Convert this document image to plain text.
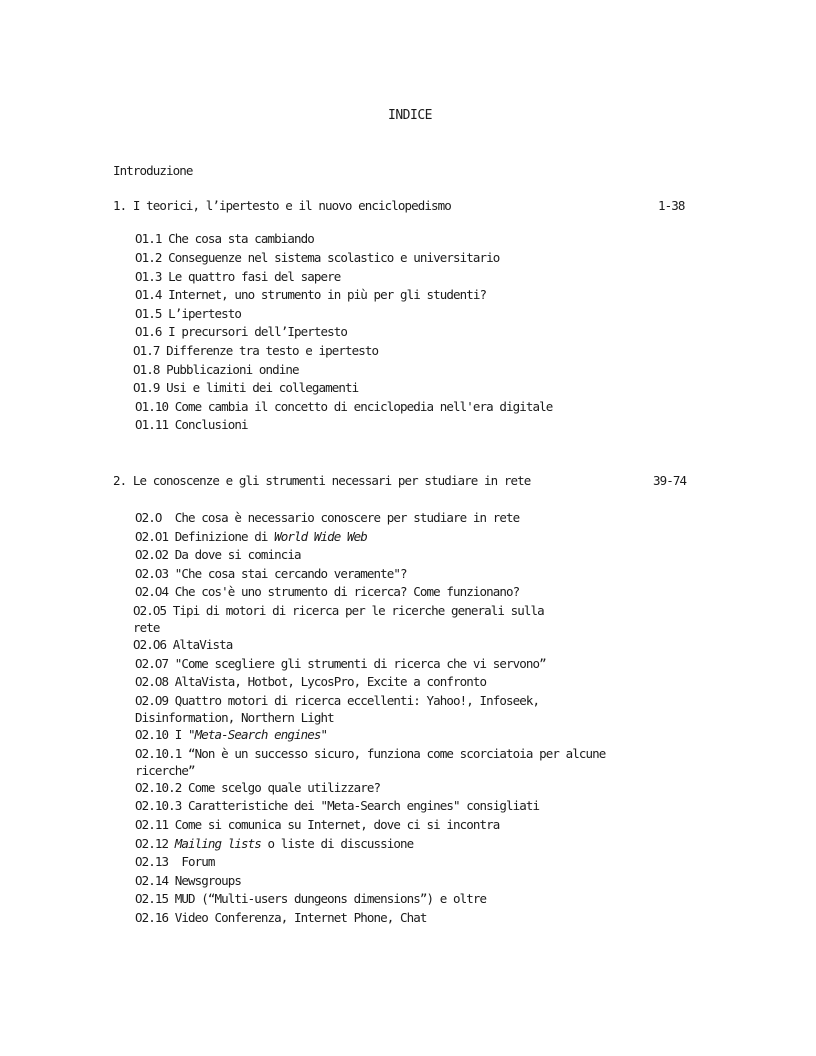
INDICE
Introduzione
1. I teorici, l’ipertesto e il nuovo enciclopedismo	1-38
O1.1 Che cosa sta cambiando
O1.2 Conseguenze nel sistema scolastico e universitario
O1.3 Le quattro fasi del sapere
O1.4 Internet, uno strumento in più per gli studenti?
O1.5 L’ipertesto
O1.6 I precursori dell’Ipertesto
O1.7 Differenze tra testo e ipertesto
O1.8 Pubblicazioni ondine
O1.9 Usi e limiti dei collegamenti
O1.10 Come cambia il concetto di enciclopedia nell'era digitale
O1.11 Conclusioni
2. Le conoscenze e gli strumenti necessari per studiare in rete	39-74
O2.O  Che cosa è necessario conoscere per studiare in rete
O2.O1 Definizione di World Wide Web
O2.O2 Da dove si comincia
O2.O3 "Che cosa stai cercando veramente"?
O2.O4 Che cos'è uno strumento di ricerca? Come funzionano?
O2.O5 Tipi di motori di ricerca per le ricerche generali sulla
rete
O2.O6 AltaVista
O2.O7 "Come scegliere gli strumenti di ricerca che vi servono”
O2.O8 AltaVista, Hotbot, LycosPro, Excite a confronto
O2.O9 Quattro motori di ricerca eccellenti: Yahoo!, Infoseek,
Disinformation, Northern Light
O2.10 I "Meta-Search engines"
O2.10.1 “Non è un successo sicuro, funziona come scorciatoia per alcune
ricerche”
O2.10.2 Come scelgo quale utilizzare?
O2.10.3 Caratteristiche dei "Meta-Search engines" consigliati
O2.11 Come si comunica su Internet, dove ci si incontra
O2.12 Mailing lists o liste di discussione
O2.13  Forum
O2.14 Newsgroups
O2.15 MUD (“Multi-users dungeons dimensions”) e oltre
O2.16 Video Conferenza, Internet Phone, Chat
